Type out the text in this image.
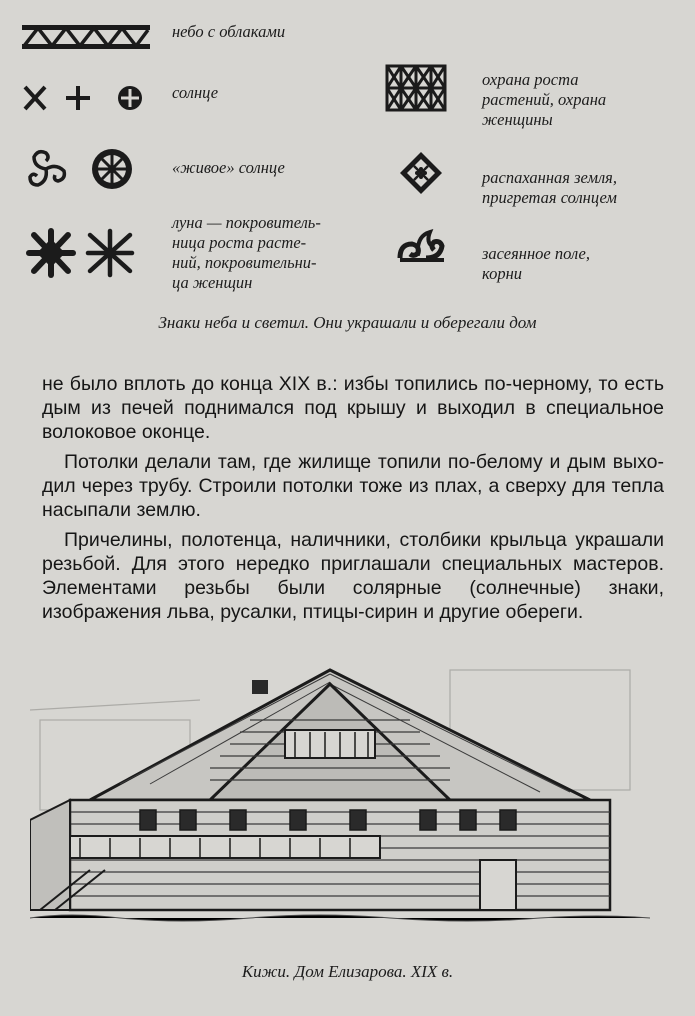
небо с облаками
солнце
«живое» солнце
луна — покровитель-
ница роста расте-
ний, покровительни-
ца женщин
охрана роста
растений, охрана
женщины
распаханная земля,
пригретая солнцем
засеянное поле,
корни
Знаки неба и светил. Они украшали и оберегали дом

не было вплоть до конца XIX в.: избы топились по-черному, то есть дым из печей поднимался под крышу и выходил в специальное волоковое оконце.

Потолки делали там, где жилище топили по-белому и дым выходил через трубу. Строили потолки тоже из плах, а сверху для тепла насыпали землю.

Причелины, полотенца, наличники, столбики крыльца украшали резьбой. Для этого нередко приглашали специальных мастеров. Элементами резьбы были солярные (солнечные) знаки, изображения льва, русалки, птицы-сирин и другие обереги.

Кижи. Дом Елизарова. XIX в.
